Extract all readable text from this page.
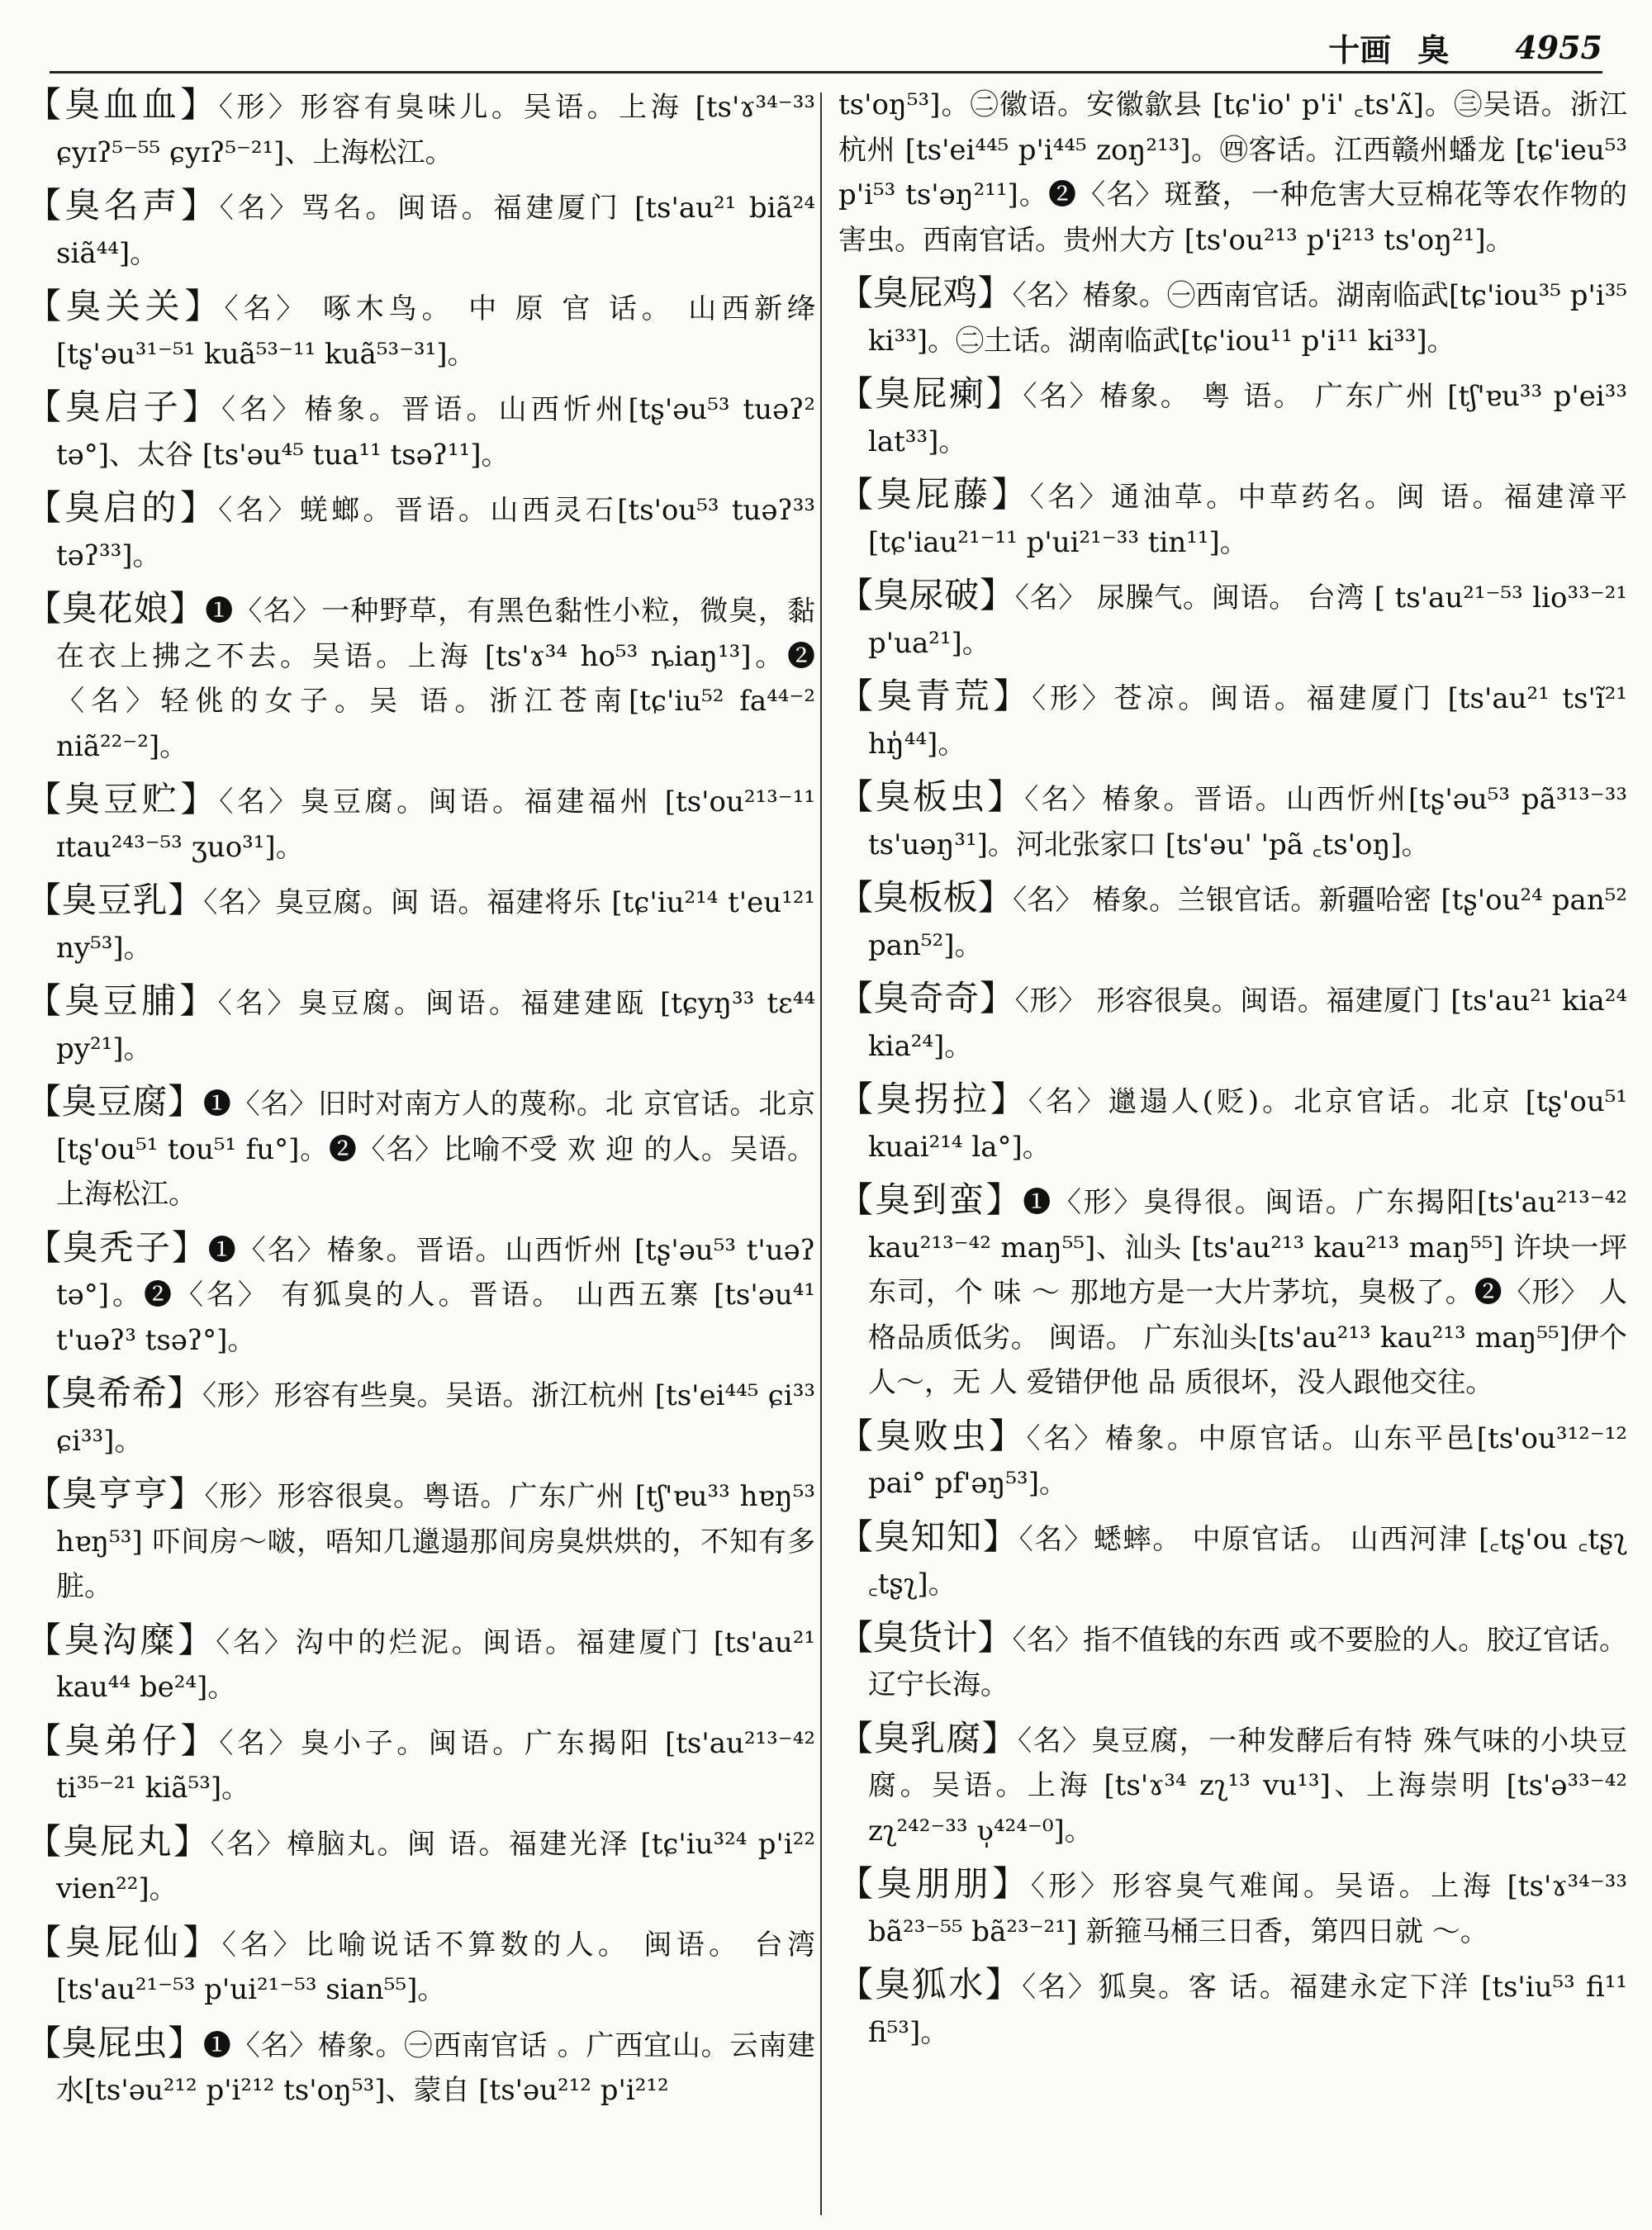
十画 臭 4955
【臭血血】〈形〉形容有臭味儿。吴语。上海 [ts'ɤ³⁴⁻³³ ɕyɪʔ⁵⁻⁵⁵ ɕyɪʔ⁵⁻²¹]、上海松江。
【臭名声】〈名〉骂名。闽语。福建厦门 [ts'au²¹ biã²⁴ siã⁴⁴]。
【臭关关】〈名〉 啄木鸟。 中 原 官 话。 山西新绛 [tʂ'əu³¹⁻⁵¹ kuã⁵³⁻¹¹ kuã⁵³⁻³¹]。
【臭启子】〈名〉椿象。晋语。山西忻州[tʂ'əu⁵³ tuəʔ² tə°]、太谷 [ts'əu⁴⁵ tua¹¹ tsəʔ¹¹]。
【臭启的】〈名〉蜣螂。晋语。山西灵石[ts'ou⁵³ tuəʔ³³ təʔ³³]。
【臭花娘】❶〈名〉一种野草，有黑色黏性小粒，微臭，黏在衣上拂之不去。吴语。上海 [ts'ɤ³⁴ ho⁵³ ȵiaŋ¹³]。❷〈名〉轻佻的女子。吴 语。浙江苍南[tɕ'iu⁵² fa⁴⁴⁻² niã²²⁻²]。
【臭豆贮】〈名〉臭豆腐。闽语。福建福州 [ts'ou²¹³⁻¹¹ ɪtau²⁴³⁻⁵³ ʒuo³¹]。
【臭豆乳】〈名〉臭豆腐。闽 语。福建将乐 [tɕ'iu²¹⁴ t'eu¹²¹ ny⁵³]。
【臭豆脯】〈名〉臭豆腐。闽语。福建建瓯 [tɕyŋ³³ tɛ⁴⁴ py²¹]。
【臭豆腐】❶〈名〉旧时对南方人的蔑称。北 京官话。北京 [tʂ'ou⁵¹ tou⁵¹ fu°]。❷〈名〉比喻不受 欢 迎 的人。吴语。上海松江。
【臭秃子】❶〈名〉椿象。晋语。山西忻州 [tʂ'əu⁵³ t'uəʔ tə°]。❷〈名〉 有狐臭的人。晋语。 山西五寨 [ts'əu⁴¹ t'uəʔ³ tsəʔ°]。
【臭希希】〈形〉形容有些臭。吴语。浙江杭州 [ts'ei⁴⁴⁵ ɕi³³ ɕi³³]。
【臭亨亨】〈形〉形容很臭。粤语。广东广州 [tʃ'ɐu³³ hɐŋ⁵³ hɐŋ⁵³] 吓间房～啵，唔知几邋遢那间房臭烘烘的，不知有多脏。
【臭沟糜】〈名〉沟中的烂泥。闽语。福建厦门 [ts'au²¹ kau⁴⁴ be²⁴]。
【臭弟仔】〈名〉臭小子。闽语。广东揭阳 [ts'au²¹³⁻⁴² ti³⁵⁻²¹ kiã⁵³]。
【臭屁丸】〈名〉樟脑丸。闽 语。福建光泽 [tɕ'iu³²⁴ p'i²² vien²²]。
【臭屁仙】〈名〉比喻说话不算数的人。 闽语。 台湾 [ts'au²¹⁻⁵³ p'ui²¹⁻⁵³ sian⁵⁵]。
【臭屁虫】❶〈名〉椿象。㊀西南官话 。广西宜山。云南建水[ts'əu²¹² p'i²¹² ts'oŋ⁵³]、蒙自 [ts'əu²¹² p'i²¹²
ts'oŋ⁵³]。㊁徽语。安徽歙县 [tɕ'io' p'i' ꜀ts'ʌ̃]。㊂吴语。浙江杭州 [ts'ei⁴⁴⁵ p'i⁴⁴⁵ zoŋ²¹³]。㊃客话。江西赣州蟠龙 [tɕ'ieu⁵³ p'i⁵³ ts'əŋ²¹¹]。❷〈名〉斑蝥，一种危害大豆棉花等农作物的害虫。西南官话。贵州大方 [ts'ou²¹³ p'i²¹³ ts'oŋ²¹]。
【臭屁鸡】〈名〉椿象。㊀西南官话。湖南临武[tɕ'iou³⁵ p'i³⁵ ki³³]。㊁土话。湖南临武[tɕ'iou¹¹ p'i¹¹ ki³³]。
【臭屁瘌】〈名〉椿象。 粤 语。 广东广州 [tʃ'ɐu³³ p'ei³³ lat³³]。
【臭屁藤】〈名〉通油草。中草药名。闽 语。福建漳平 [tɕ'iau²¹⁻¹¹ p'ui²¹⁻³³ tin¹¹]。
【臭尿破】〈名〉 尿臊气。闽语。 台湾 [ ts'au²¹⁻⁵³ lio³³⁻²¹ p'ua²¹]。
【臭青荒】〈形〉苍凉。闽语。福建厦门 [ts'au²¹ ts'ĩ²¹ hŋ̍⁴⁴]。
【臭板虫】〈名〉椿象。晋语。山西忻州[tʂ'əu⁵³ pã³¹³⁻³³ ts'uəŋ³¹]。河北张家口 [ts'əu' 'pã ꜀ts'oŋ]。
【臭板板】〈名〉 椿象。兰银官话。新疆哈密 [tʂ'ou²⁴ pan⁵² pan⁵²]。
【臭奇奇】〈形〉 形容很臭。闽语。福建厦门 [ts'au²¹ kia²⁴ kia²⁴]。
【臭拐拉】〈名〉邋遢人(贬)。北京官话。北京 [tʂ'ou⁵¹ kuai²¹⁴ la°]。
【臭到蛮】❶〈形〉臭得很。闽语。广东揭阳[ts'au²¹³⁻⁴² kau²¹³⁻⁴² maŋ⁵⁵]、汕头 [ts'au²¹³ kau²¹³ maŋ⁵⁵] 许块一坪东司，个 味 ～ 那地方是一大片茅坑，臭极了。❷〈形〉 人格品质低劣。 闽语。 广东汕头[ts'au²¹³ kau²¹³ maŋ⁵⁵]伊个人～，无 人 爱错伊他 品 质很坏，没人跟他交往。
【臭败虫】〈名〉椿象。中原官话。山东平邑[ts'ou³¹²⁻¹² pai° pf'əŋ⁵³]。
【臭知知】〈名〉蟋蟀。 中原官话。 山西河津 [꜀tʂ'ou ꜀tʂʅ ꜀tʂʅ]。
【臭货计】〈名〉指不值钱的东西 或不要脸的人。胶辽官话。辽宁长海。
【臭乳腐】〈名〉臭豆腐，一种发酵后有特 殊气味的小块豆腐。吴语。上海 [ts'ɤ³⁴ zʅ¹³ vu¹³]、上海崇明 [ts'ə³³⁻⁴² zʅ²⁴²⁻³³ ʋ̩⁴²⁴⁻⁰]。
【臭朋朋】〈形〉形容臭气难闻。吴语。上海 [ts'ɤ³⁴⁻³³ bã²³⁻⁵⁵ bã²³⁻²¹] 新箍马桶三日香，第四日就 ～。
【臭狐水】〈名〉狐臭。客 话。福建永定下洋 [ts'iu⁵³ fi¹¹ fi⁵³]。
